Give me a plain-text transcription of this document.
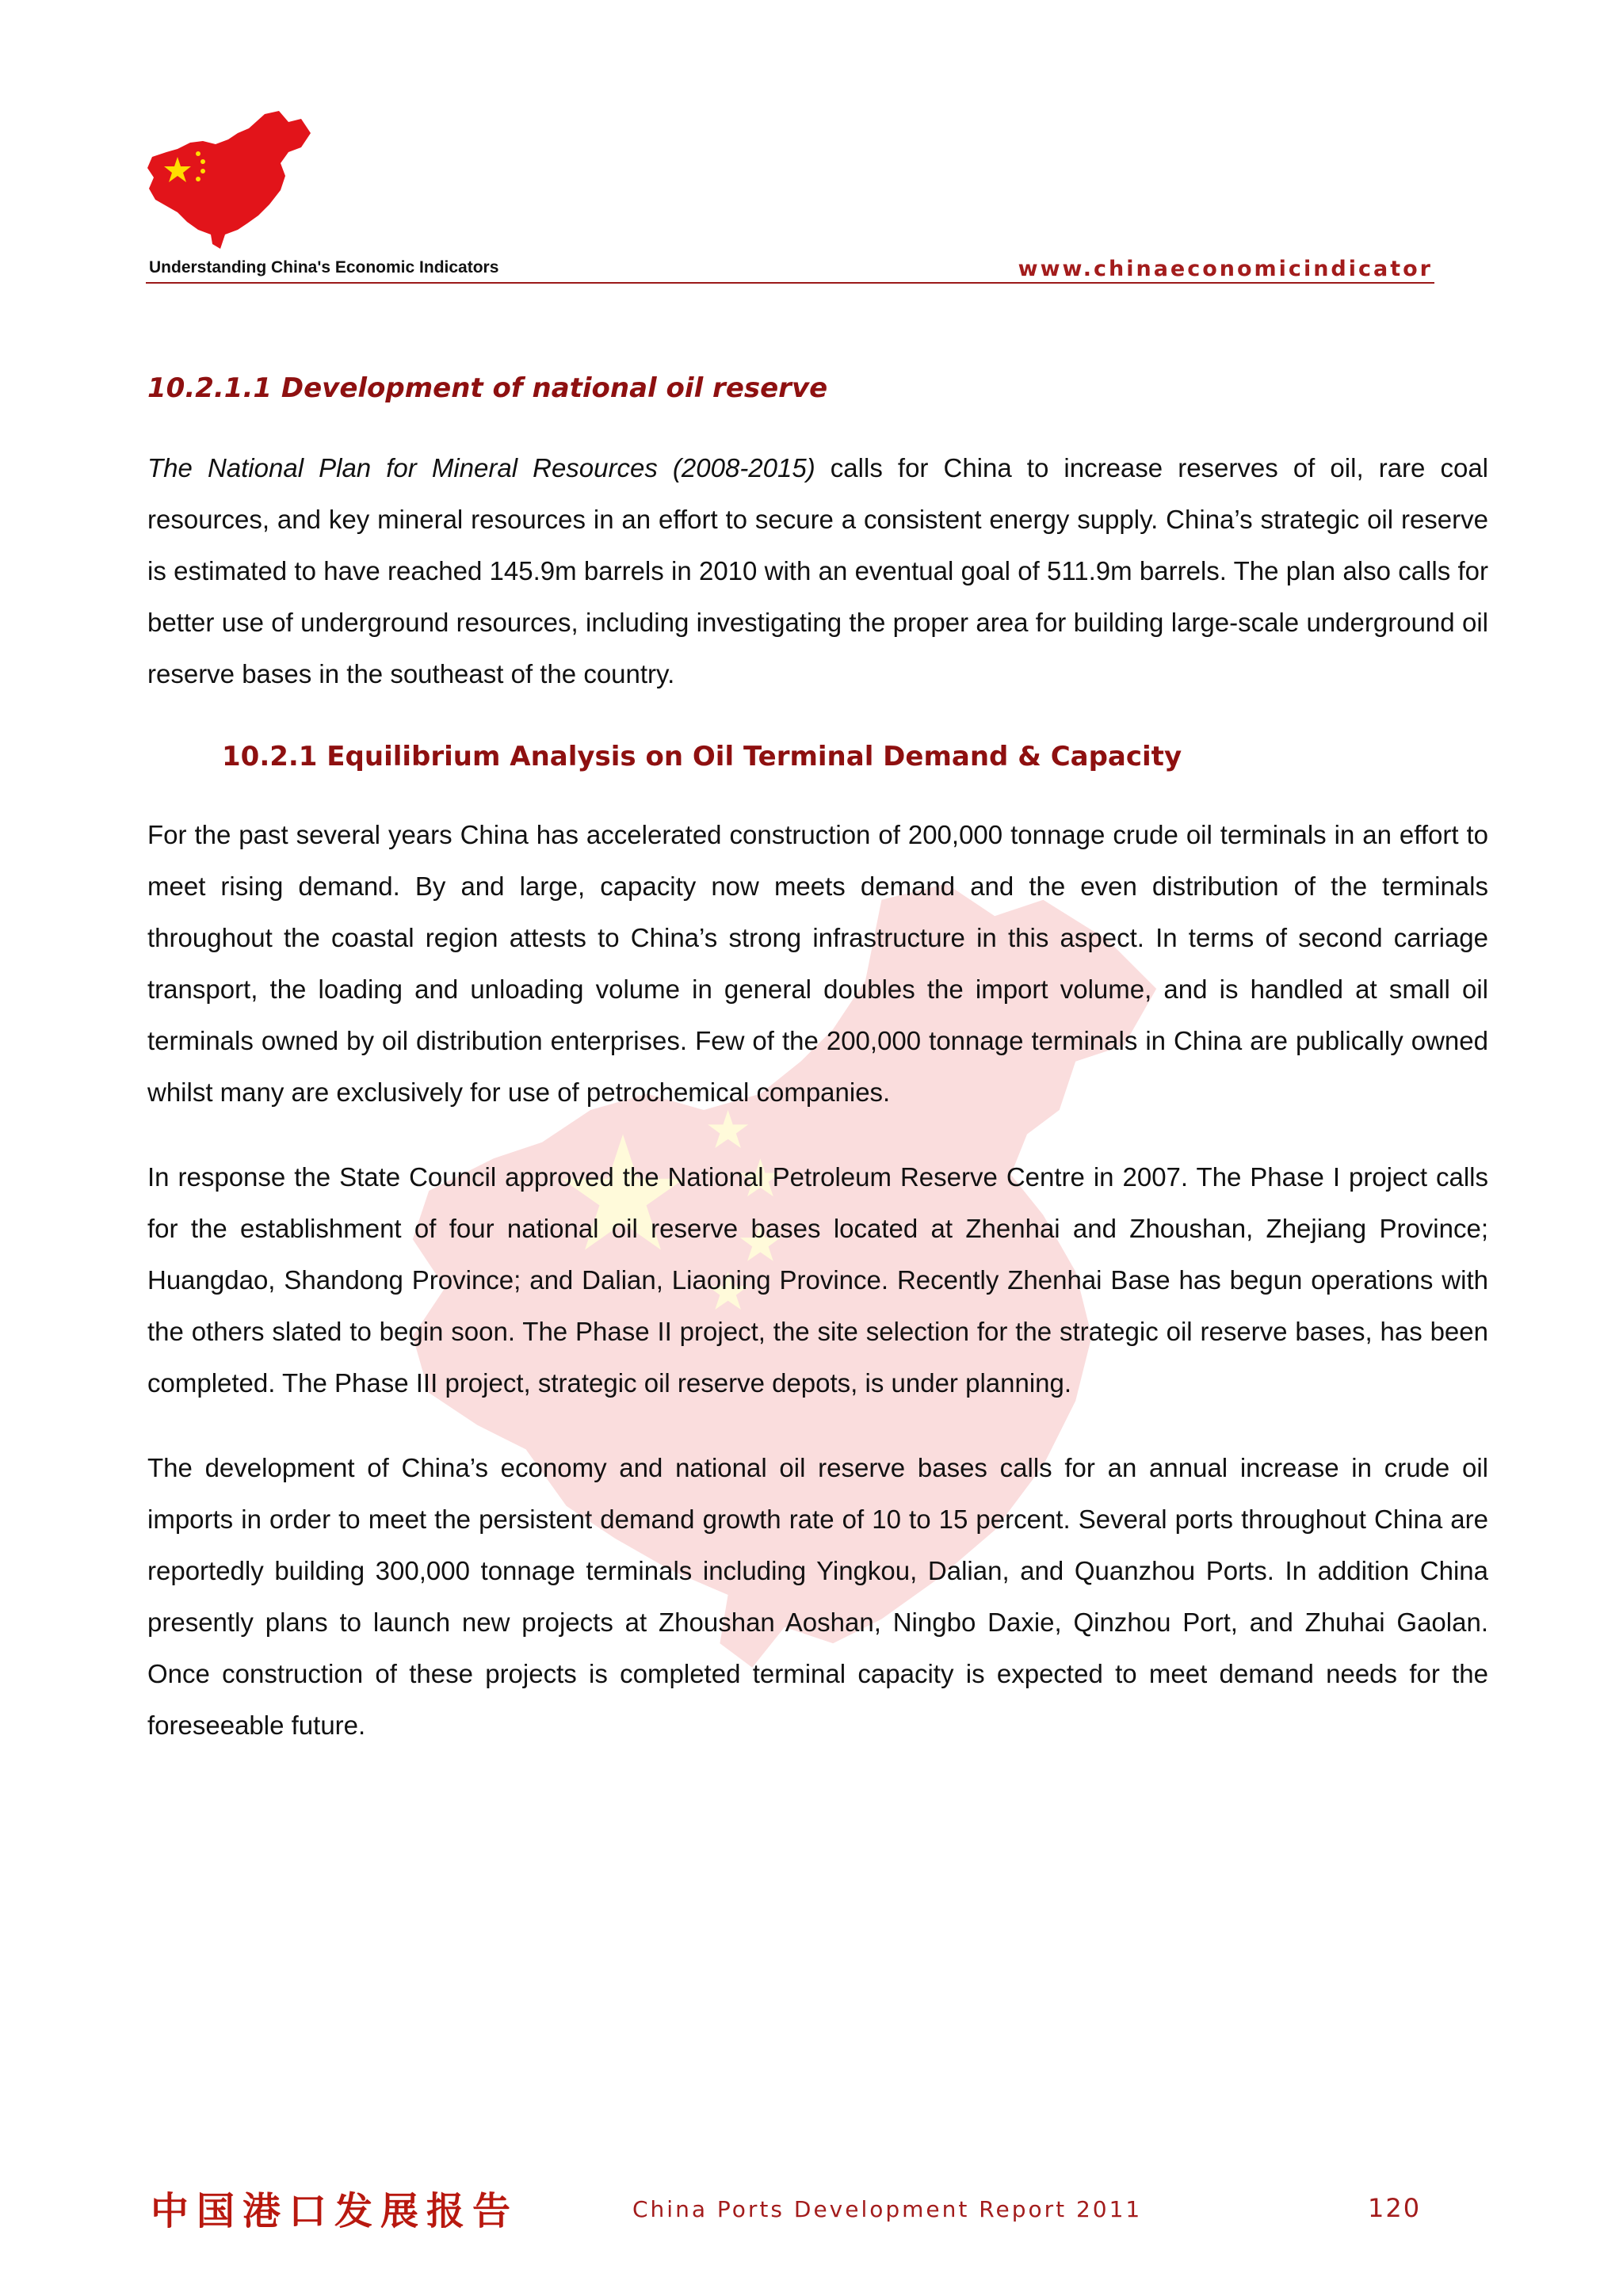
Understanding China's Economic Indicators	www.chinaeconomicindicator
10.2.1.1 Development of national oil reserve

The National Plan for Mineral Resources (2008-2015) calls for China to increase reserves of oil, rare coal resources, and key mineral resources in an effort to secure a consistent energy supply. China’s strategic oil reserve is estimated to have reached 145.9m barrels in 2010 with an eventual goal of 511.9m barrels. The plan also calls for better use of underground resources, including investigating the proper area for building large-scale underground oil reserve bases in the southeast of the country.

10.2.1 Equilibrium Analysis on Oil Terminal Demand & Capacity

For the past several years China has accelerated construction of 200,000 tonnage crude oil terminals in an effort to meet rising demand. By and large, capacity now meets demand and the even distribution of the terminals throughout the coastal region attests to China’s strong infrastructure in this aspect. In terms of second carriage transport, the loading and unloading volume in general doubles the import volume, and is handled at small oil terminals owned by oil distribution enterprises. Few of the 200,000 tonnage terminals in China are publically owned whilst many are exclusively for use of petrochemical companies.

In response the State Council approved the National Petroleum Reserve Centre in 2007. The Phase I project calls for the establishment of four national oil reserve bases located at Zhenhai and Zhoushan, Zhejiang Province; Huangdao, Shandong Province; and Dalian, Liaoning Province. Recently Zhenhai Base has begun operations with the others slated to begin soon. The Phase II project, the site selection for the strategic oil reserve bases, has been completed. The Phase III project, strategic oil reserve depots, is under planning.

The development of China’s economy and national oil reserve bases calls for an annual increase in crude oil imports in order to meet the persistent demand growth rate of 10 to 15 percent. Several ports throughout China are reportedly building 300,000 tonnage terminals including Yingkou, Dalian, and Quanzhou Ports. In addition China presently plans to launch new projects at Zhoushan Aoshan, Ningbo Daxie, Qinzhou Port, and Zhuhai Gaolan. Once construction of these projects is completed terminal capacity is expected to meet demand needs for the foreseeable future.

中国港口发展报告	China Ports Development Report 2011	120
